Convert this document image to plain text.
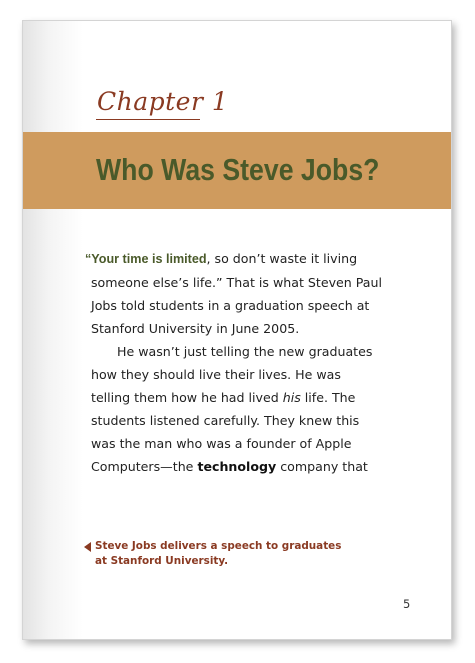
Chapter 1
Who Was Steve Jobs?

“Your time is limited, so don’t waste it living
someone else’s life.” That is what Steven Paul
Jobs told students in a graduation speech at
Stanford University in June 2005.

He wasn’t just telling the new graduates
how they should live their lives. He was
telling them how he had lived his life. The
students listened carefully. They knew this
was the man who was a founder of Apple
Computers—the technology company that

Steve Jobs delivers a speech to graduates
at Stanford University.
5
